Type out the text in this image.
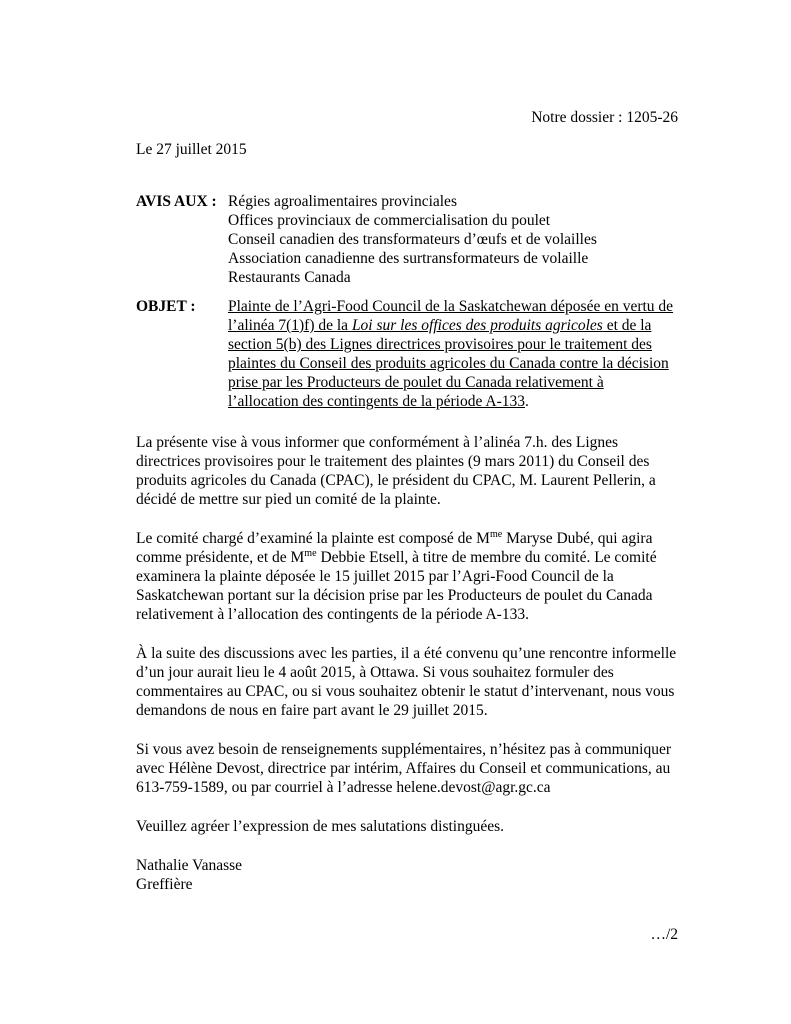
Notre dossier : 1205-26
Le 27 juillet 2015
AVIS AUX : Régies agroalimentaires provinciales
Offices provinciaux de commercialisation du poulet
Conseil canadien des transformateurs d’œufs et de volailles
Association canadienne des surtransformateurs de volaille
Restaurants Canada
OBJET :	Plainte de l’Agri-Food Council de la Saskatchewan déposée en vertu de l’alinéa 7(1)f) de la Loi sur les offices des produits agricoles et de la section 5(b) des Lignes directrices provisoires pour le traitement des plaintes du Conseil des produits agricoles du Canada contre la décision prise par les Producteurs de poulet du Canada relativement à l’allocation des contingents de la période A-133.

La présente vise à vous informer que conformément à l’alinéa 7.h. des Lignes directrices provisoires pour le traitement des plaintes (9 mars 2011) du Conseil des produits agricoles du Canada (CPAC), le président du CPAC, M. Laurent Pellerin, a décidé de mettre sur pied un comité de la plainte.

Le comité chargé d’examiné la plainte est composé de $M^{me}$ Maryse Dubé, qui agira comme présidente, et de $M^{me}$ Debbie Etsell, à titre de membre du comité. Le comité examinera la plainte déposée le 15 juillet 2015 par l’Agri-Food Council de la Saskatchewan portant sur la décision prise par les Producteurs de poulet du Canada relativement à l’allocation des contingents de la période A-133.

À la suite des discussions avec les parties, il a été convenu qu’une rencontre informelle d’un jour aurait lieu le 4 août 2015, à Ottawa. Si vous souhaitez formuler des commentaires au CPAC, ou si vous souhaitez obtenir le statut d’intervenant, nous vous demandons de nous en faire part avant le 29 juillet 2015.

Si vous avez besoin de renseignements supplémentaires, n’hésitez pas à communiquer avec Hélène Devost, directrice par intérim, Affaires du Conseil et communications, au 613-759-1589, ou par courriel à l’adresse helene.devost@agr.gc.ca

Veuillez agréer l’expression de mes salutations distinguées.

Nathalie Vanasse
Greffière
…/2
